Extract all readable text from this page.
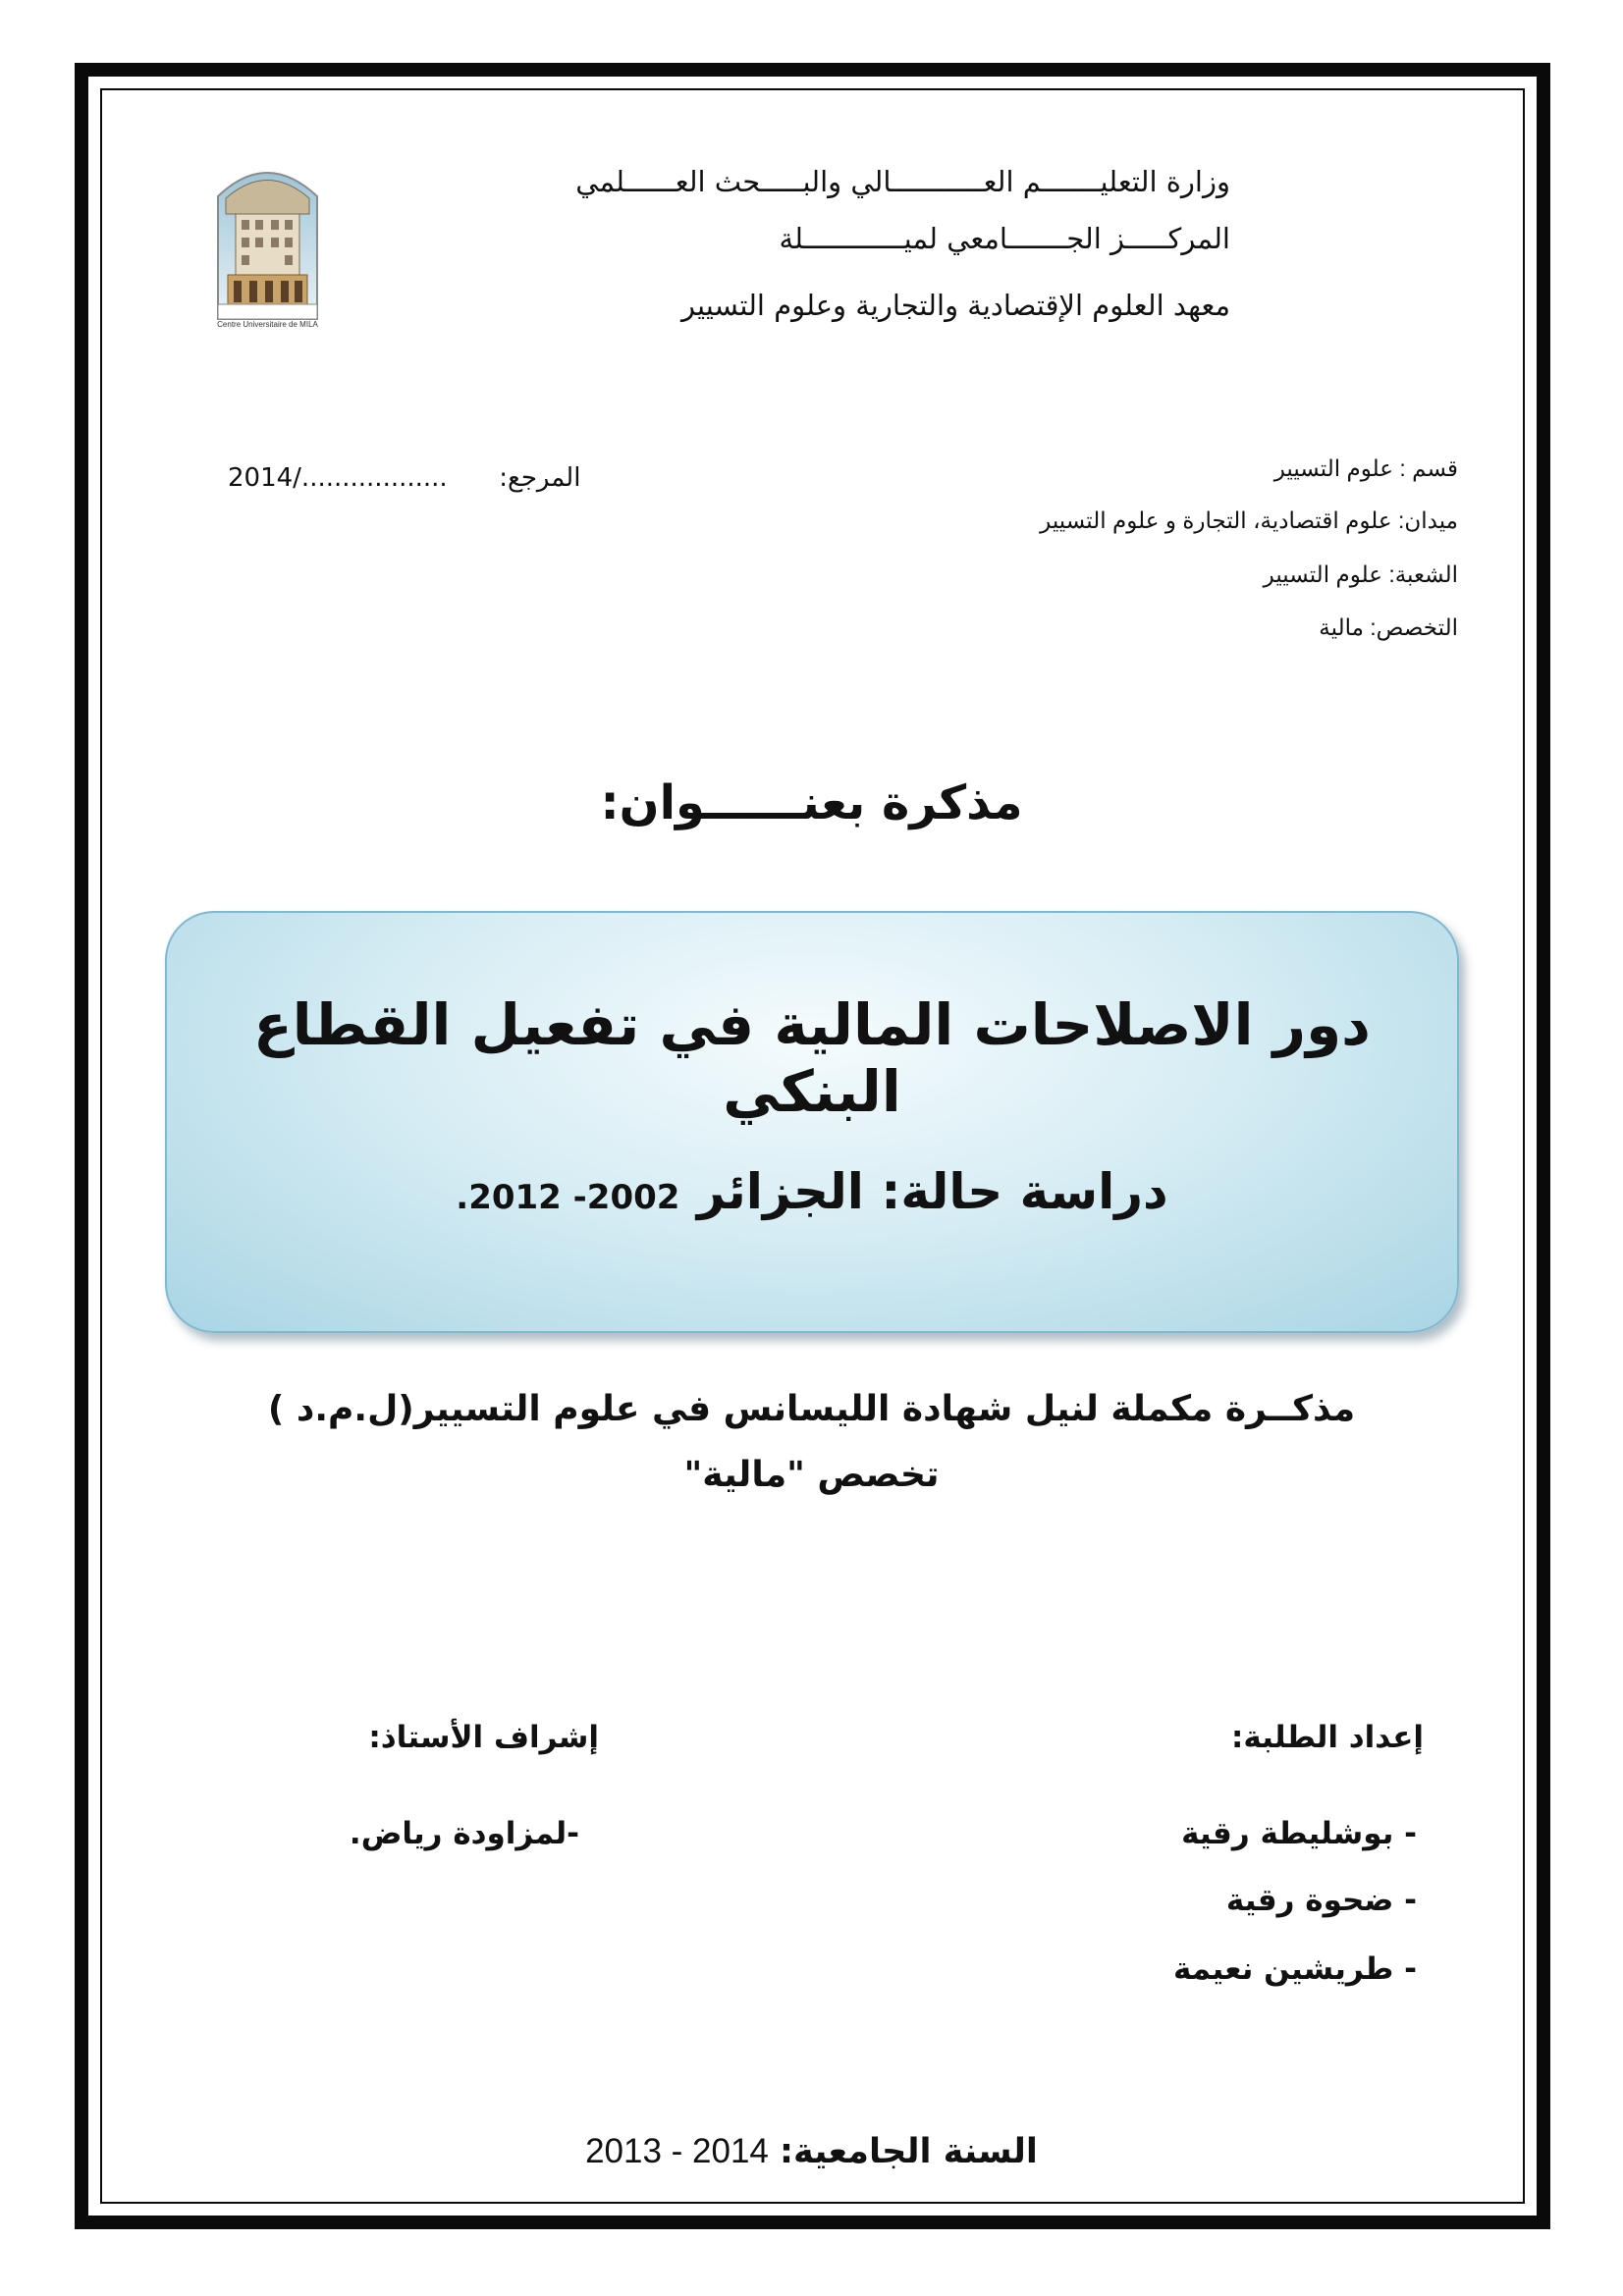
Centre Universitaire de MILA
وزارة التعليـــــــم العـــــــــــالي والبـــــحث العــــــلمي
المركـــــز الجـــــــامعي لميــــــــــــلة
معهد العلوم الإقتصادية والتجارية وعلوم التسيير
2014/.................. المرجع:	قسم : علوم التسيير
ميدان: علوم اقتصادية، التجارة و علوم التسيير
الشعبة: علوم التسيير
التخصص: مالية
مذكرة بعنــــــوان:
دور الاصلاحات المالية في تفعيل القطاع البنكي
دراسة حالة: الجزائر 2002- 2012.
مذكــرة مكملة لنيل شهادة الليسانس في علوم التسيير(ل.م.د )
تخصص "مالية"
إعداد الطلبة:
- بوشليطة رقية
- ضحوة رقية
- طريشين نعيمة
إشراف الأستاذ:
-لمزاودة رياض.
2013 - 2014 السنة الجامعية:
